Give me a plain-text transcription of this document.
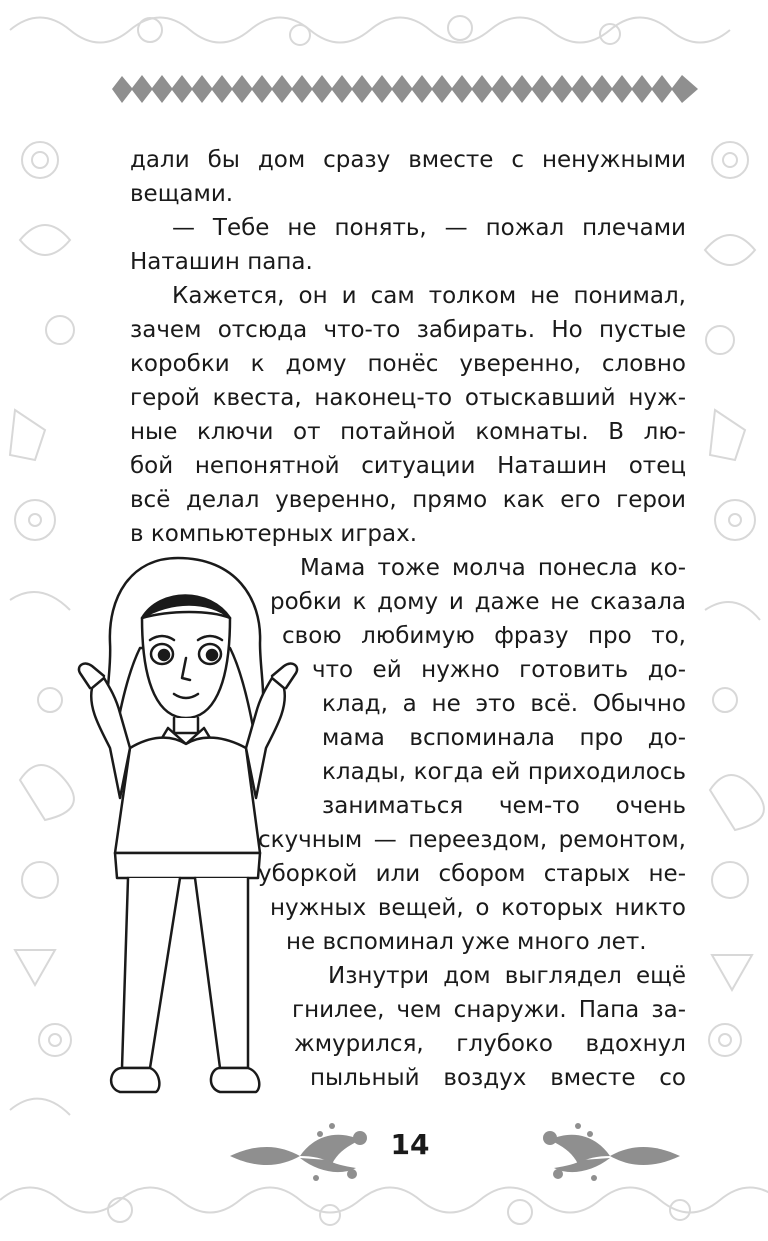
дали бы дом сразу вместе с ненужными
вещами.
— Тебе не понять, — пожал плечами
Наташин папа.
Кажется, он и сам толком не понимал,
зачем отсюда что-то забирать. Но пустые
коробки к дому понёс уверенно, словно
герой квеста, наконец-то отыскавший нуж-
ные ключи от потайной комнаты. В лю-
бой непонятной ситуации Наташин отец
всё делал уверенно, прямо как его герои
в компьютерных играх.
Мама тоже молча понесла ко-
робки к дому и даже не сказала
свою любимую фразу про то,
что ей нужно готовить до-
клад, а не это всё. Обычно
мама вспоминала про до-
клады, когда ей приходилось
заниматься чем-то очень
скучным — переездом, ремонтом,
уборкой или сбором старых не-
нужных вещей, о которых никто
не вспоминал уже много лет.
Изнутри дом выглядел ещё
гнилее, чем снаружи. Папа за-
жмурился, глубоко вдохнул
пыльный воздух вместе со
14
